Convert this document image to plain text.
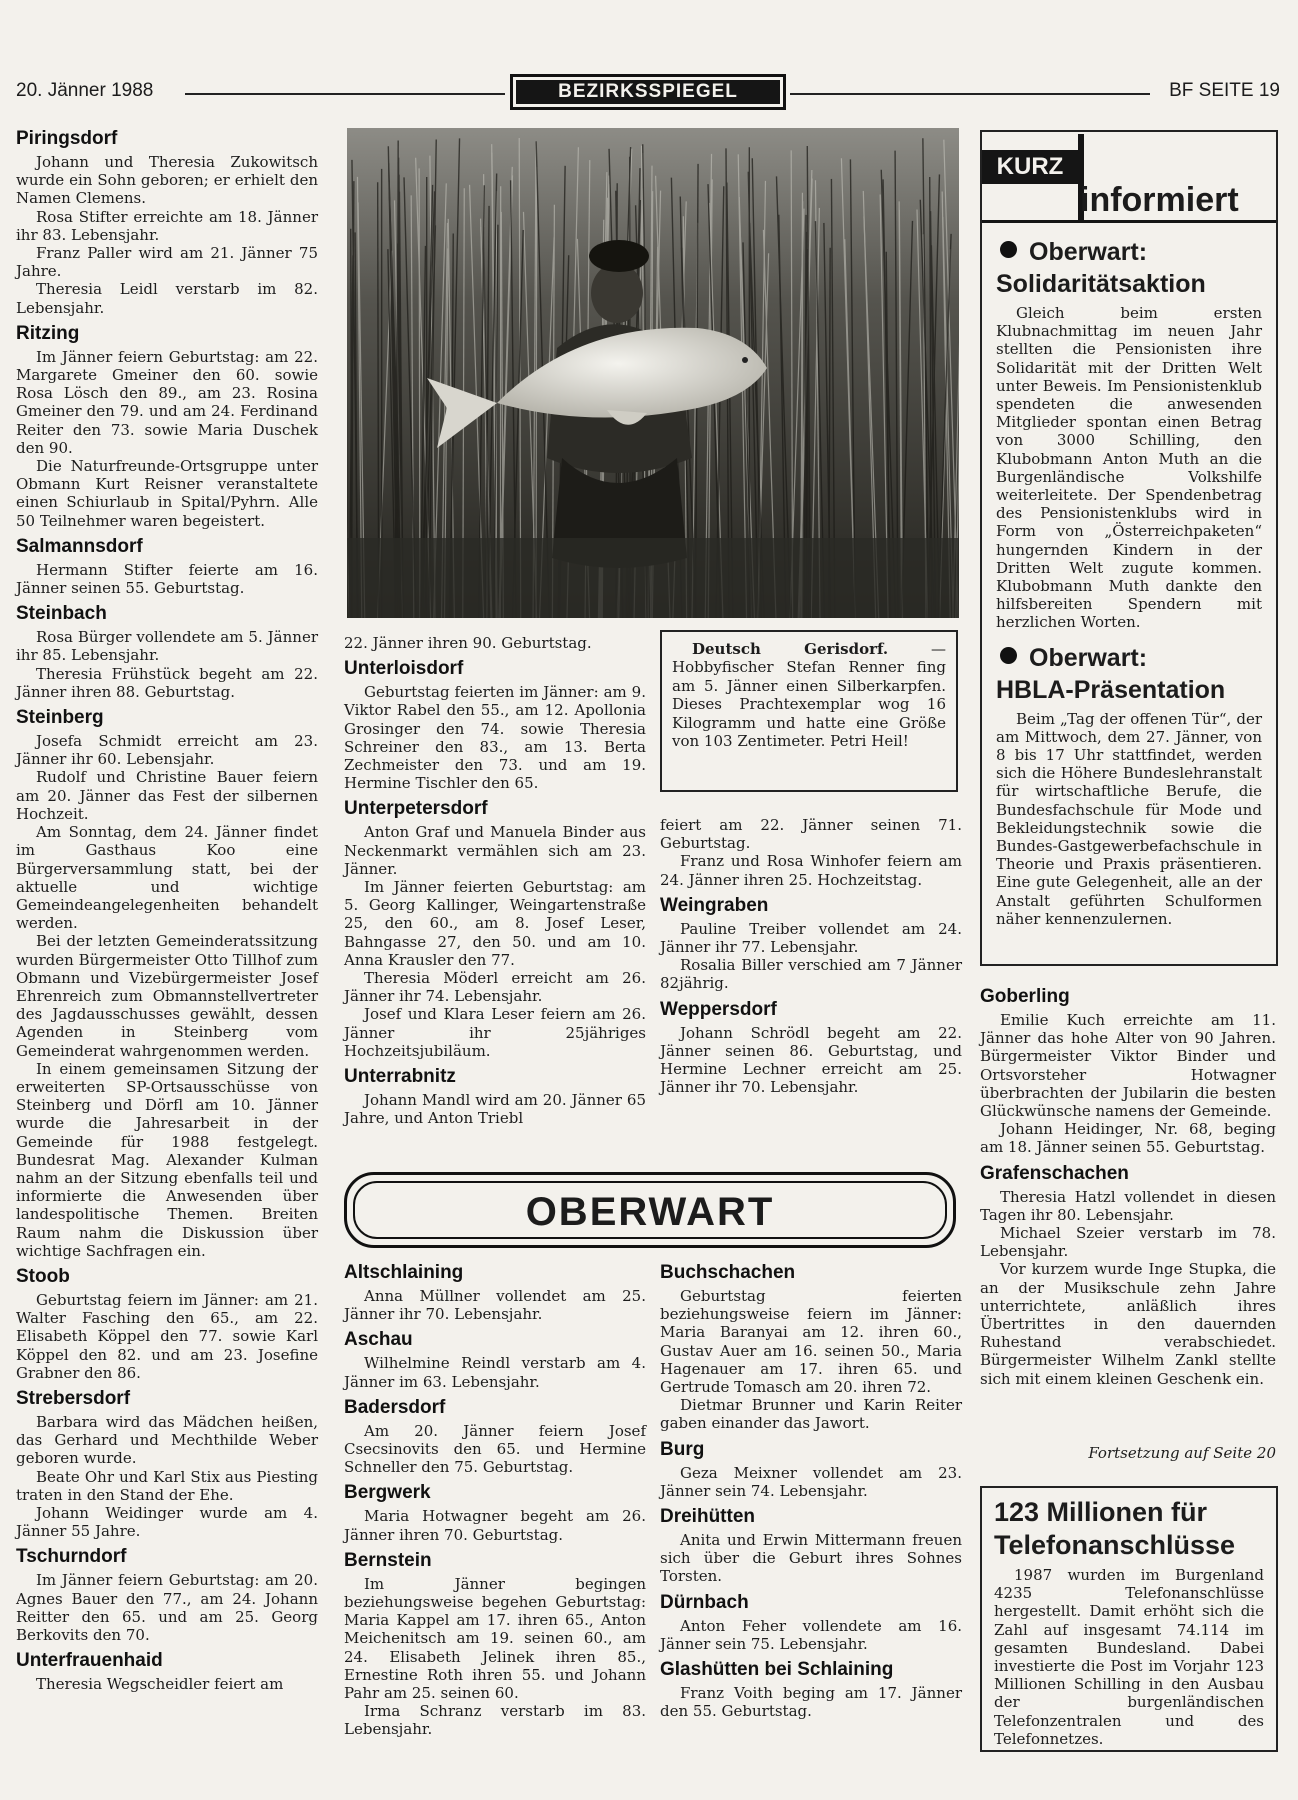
20. Jänner 1988	BEZIRKSSPIEGEL	BF SEITE 19
Piringsdorf

Johann und Theresia Zukowitsch wurde ein Sohn geboren; er erhielt den Namen Clemens.

Rosa Stifter erreichte am 18. Jänner ihr 83. Lebensjahr.

Franz Paller wird am 21. Jänner 75 Jahre.

Theresia Leidl verstarb im 82. Lebensjahr.

Ritzing

Im Jänner feiern Geburtstag: am 22. Margarete Gmeiner den 60. sowie Rosa Lösch den 89., am 23. Rosina Gmeiner den 79. und am 24. Ferdinand Reiter den 73. sowie Maria Duschek den 90.

Die Naturfreunde-Ortsgruppe unter Obmann Kurt Reisner veranstaltete einen Schiurlaub in Spital/Pyhrn. Alle 50 Teilnehmer waren begeistert.

Salmannsdorf

Hermann Stifter feierte am 16. Jänner seinen 55. Geburtstag.

Steinbach

Rosa Bürger vollendete am 5. Jänner ihr 85. Lebensjahr.

Theresia Frühstück begeht am 22. Jänner ihren 88. Geburtstag.

Steinberg

Josefa Schmidt erreicht am 23. Jänner ihr 60. Lebensjahr.

Rudolf und Christine Bauer feiern am 20. Jänner das Fest der silbernen Hochzeit.

Am Sonntag, dem 24. Jänner findet im Gasthaus Koo eine Bürgerversammlung statt, bei der aktuelle und wichtige Gemeindeangelegenheiten behandelt werden.

Bei der letzten Gemeinderatssitzung wurden Bürgermeister Otto Tillhof zum Obmann und Vizebürgermeister Josef Ehrenreich zum Obmannstellvertreter des Jagdausschusses gewählt, dessen Agenden in Steinberg vom Gemeinderat wahrgenommen werden.

In einem gemeinsamen Sitzung der erweiterten SP-Ortsausschüsse von Steinberg und Dörfl am 10. Jänner wurde die Jahresarbeit in der Gemeinde für 1988 festgelegt. Bundesrat Mag. Alexander Kulman nahm an der Sitzung ebenfalls teil und informierte die Anwesenden über landespolitische Themen. Breiten Raum nahm die Diskussion über wichtige Sachfragen ein.

Stoob

Geburtstag feiern im Jänner: am 21. Walter Fasching den 65., am 22. Elisabeth Köppel den 77. sowie Karl Köppel den 82. und am 23. Josefine Grabner den 86.

Strebersdorf

Barbara wird das Mädchen heißen, das Gerhard und Mechthilde Weber geboren wurde.

Beate Ohr und Karl Stix aus Piesting traten in den Stand der Ehe.

Johann Weidinger wurde am 4. Jänner 55 Jahre.

Tschurndorf

Im Jänner feiern Geburtstag: am 20. Agnes Bauer den 77., am 24. Johann Reitter den 65. und am 25. Georg Berkovits den 70.

Unterfrauenhaid

Theresia Wegscheidler feiert am

Deutsch Gerisdorf. — Hobbyfischer Stefan Renner fing am 5. Jänner einen Silberkarpfen. Dieses Prachtexemplar wog 16 Kilogramm und hatte eine Größe von 103 Zentimeter. Petri Heil!

22. Jänner ihren 90. Geburtstag.

Unterloisdorf

Geburtstag feierten im Jänner: am 9. Viktor Rabel den 55., am 12. Apollonia Grosinger den 74. sowie Theresia Schreiner den 83., am 13. Berta Zechmeister den 73. und am 19. Hermine Tischler den 65.

Unterpetersdorf

Anton Graf und Manuela Binder aus Neckenmarkt vermählen sich am 23. Jänner.

Im Jänner feierten Geburtstag: am 5. Georg Kallinger, Weingartenstraße 25, den 60., am 8. Josef Leser, Bahngasse 27, den 50. und am 10. Anna Krausler den 77.

Theresia Möderl erreicht am 26. Jänner ihr 74. Lebensjahr.

Josef und Klara Leser feiern am 26. Jänner ihr 25jähriges Hochzeitsjubiläum.

Unterrabnitz

Johann Mandl wird am 20. Jänner 65 Jahre, und Anton Triebl

feiert am 22. Jänner seinen 71. Geburtstag.

Franz und Rosa Winhofer feiern am 24. Jänner ihren 25. Hochzeitstag.

Weingraben

Pauline Treiber vollendet am 24. Jänner ihr 77. Lebensjahr.

Rosalia Biller verschied am 7 Jänner 82jährig.

Weppersdorf

Johann Schrödl begeht am 22. Jänner seinen 86. Geburtstag, und Hermine Lechner erreicht am 25. Jänner ihr 70. Lebensjahr.

OBERWART
Altschlaining

Anna Müllner vollendet am 25. Jänner ihr 70. Lebensjahr.

Aschau

Wilhelmine Reindl verstarb am 4. Jänner im 63. Lebensjahr.

Badersdorf

Am 20. Jänner feiern Josef Csecsinovits den 65. und Hermine Schneller den 75. Geburtstag.

Bergwerk

Maria Hotwagner begeht am 26. Jänner ihren 70. Geburtstag.

Bernstein

Im Jänner begingen beziehungsweise begehen Geburtstag: Maria Kappel am 17. ihren 65., Anton Meichenitsch am 19. seinen 60., am 24. Elisabeth Jelinek ihren 85., Ernestine Roth ihren 55. und Johann Pahr am 25. seinen 60.

Irma Schranz verstarb im 83. Lebensjahr.

Buchschachen

Geburtstag feierten beziehungsweise feiern im Jänner: Maria Baranyai am 12. ihren 60., Gustav Auer am 16. seinen 50., Maria Hagenauer am 17. ihren 65. und Gertrude Tomasch am 20. ihren 72.

Dietmar Brunner und Karin Reiter gaben einander das Jawort.

Burg

Geza Meixner vollendet am 23. Jänner sein 74. Lebensjahr.

Dreihütten

Anita und Erwin Mittermann freuen sich über die Geburt ihres Sohnes Torsten.

Dürnbach

Anton Feher vollendete am 16. Jänner sein 75. Lebensjahr.

Glashütten bei Schlaining

Franz Voith beging am 17. Jänner den 55. Geburtstag.

KURZ
informiert
Oberwart:
Solidaritätsaktion

Gleich beim ersten Klubnachmittag im neuen Jahr stellten die Pensionisten ihre Solidarität mit der Dritten Welt unter Beweis. Im Pensionistenklub spendeten die anwesenden Mitglieder spontan einen Betrag von 3000 Schilling, den Klubobmann Anton Muth an die Burgenländische Volkshilfe weiterleitete. Der Spendenbetrag des Pensionistenklubs wird in Form von „Österreichpaketen“ hungernden Kindern in der Dritten Welt zugute kommen. Klubobmann Muth dankte den hilfsbereiten Spendern mit herzlichen Worten.

Oberwart:
HBLA-Präsentation

Beim „Tag der offenen Tür“, der am Mittwoch, dem 27. Jänner, von 8 bis 17 Uhr stattfindet, werden sich die Höhere Bundeslehranstalt für wirtschaftliche Berufe, die Bundesfachschule für Mode und Bekleidungstechnik sowie die Bundes-Gastgewerbefachschule in Theorie und Praxis präsentieren. Eine gute Gelegenheit, alle an der Anstalt geführten Schulformen näher kennenzulernen.

Goberling

Emilie Kuch erreichte am 11. Jänner das hohe Alter von 90 Jahren. Bürgermeister Viktor Binder und Ortsvorsteher Hotwagner überbrachten der Jubilarin die besten Glückwünsche namens der Gemeinde.

Johann Heidinger, Nr. 68, beging am 18. Jänner seinen 55. Geburtstag.

Grafenschachen

Theresia Hatzl vollendet in diesen Tagen ihr 80. Lebensjahr.

Michael Szeier verstarb im 78. Lebensjahr.

Vor kurzem wurde Inge Stupka, die an der Musikschule zehn Jahre unterrichtete, anläßlich ihres Übertrittes in den dauernden Ruhestand verabschiedet. Bürgermeister Wilhelm Zankl stellte sich mit einem kleinen Geschenk ein.

Fortsetzung auf Seite 20
123 Millionen für Telefonanschlüsse

1987 wurden im Burgenland 4235 Telefonanschlüsse hergestellt. Damit erhöht sich die Zahl auf insgesamt 74.114 im gesamten Bundesland. Dabei investierte die Post im Vorjahr 123 Millionen Schilling in den Ausbau der burgenländischen Telefonzentralen und des Telefonnetzes.
